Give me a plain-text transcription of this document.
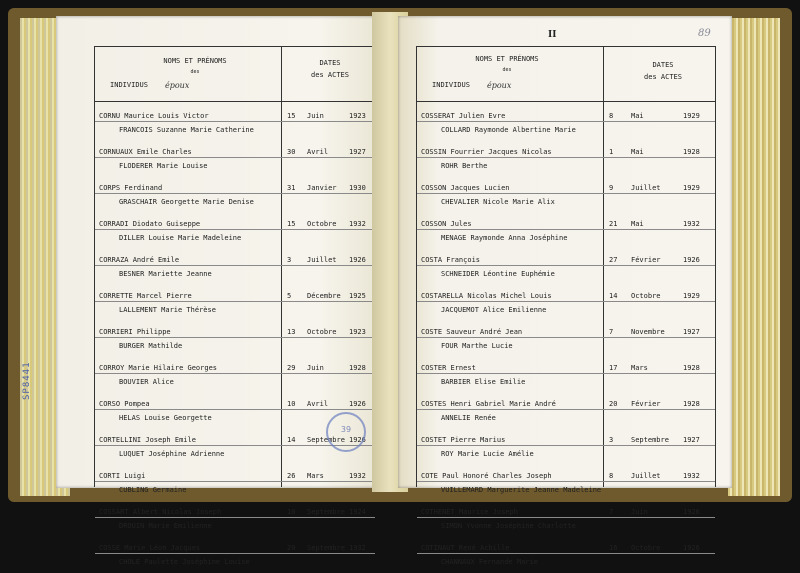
NOMS ET PRÉNOMS
des
INDIVIDUS	époux
DATES
des ACTES
CORNU Maurice Louis Victor
FRANCOIS Suzanne Marie Catherine
15 Juin	1923
CORNUAUX Emile Charles
FLODERER Marie Louise
30 Avril	1927
CORPS Ferdinand
GRASCHAIR Georgette Marie Denise
31 Janvier 1930
CORRADI Diodato Guiseppe
DILLER Louise Marie Madeleine
15 Octobre 1932
CORRAZA André Emile
BESNER Mariette Jeanne
3 Juillet 1926
CORRETTE Marcel Pierre
LALLEMENT Marie Thérèse
5 Décembre 1925
CORRIERI Philippe
BURGER Mathilde
13 Octobre 1923
CORROY Marie Hilaire Georges
BOUVIER Alice
29 Juin	1928
CORSO Pompea
HELAS Louise Georgette
10 Avril	1926
CORTELLINI Joseph Emile
LUQUET Joséphine Adrienne
14 Septembre 1926
CORTI Luigi
CUBLING Germaine
26 Mars	1932
COSSART Albert Nicolas Joseph
DROUIN Marie Emilienne
10 Septembre 1924
COSSE Marie Léon Jacques
CHOLE Paulette Joséphine Louise
20 Septembre 1932
II	89
NOMS ET PRÉNOMS
des
INDIVIDUS	époux
DATES
des ACTES
COSSERAT Julien Evre
COLLARD Raymonde Albertine Marie
8	Mai	1929
COSSIN Fourrier Jacques Nicolas
ROHR Berthe
1	Mai	1928
COSSON Jacques Lucien
CHEVALIER Nicole Marie Alix
9	Juillet	1929
COSSON Jules
MENAGE Raymonde Anna Joséphine
21 Mai	1932
COSTA François
SCHNEIDER Léontine Euphémie
27 Février	1926
COSTARELLA Nicolas Michel Louis
JACQUEMOT Alice Emilienne
14 Octobre	1929
COSTE Sauveur André Jean
FOUR Marthe Lucie
7	Novembre	1927
COSTER Ernest
BARBIER Elise Emilie
17 Mars	1928
COSTES Henri Gabriel Marie André
ANNELIE Renée
20 Février	1928
COSTET Pierre Marius
ROY Marie Lucie Amélie
3	Septembre 1927
COTE Paul Honoré Charles Joseph
VUILLEMARD Marguerite Jeanne Madeleine
8	Juillet	1932
COTHENET Maurice Joseph
SIMON Yvonne Joséphine Charlotte
7	Juin	1926
COTINAUT René Achille
CHANNAUX Fernande Marie
16 Octobre	1926
SP8441
39
